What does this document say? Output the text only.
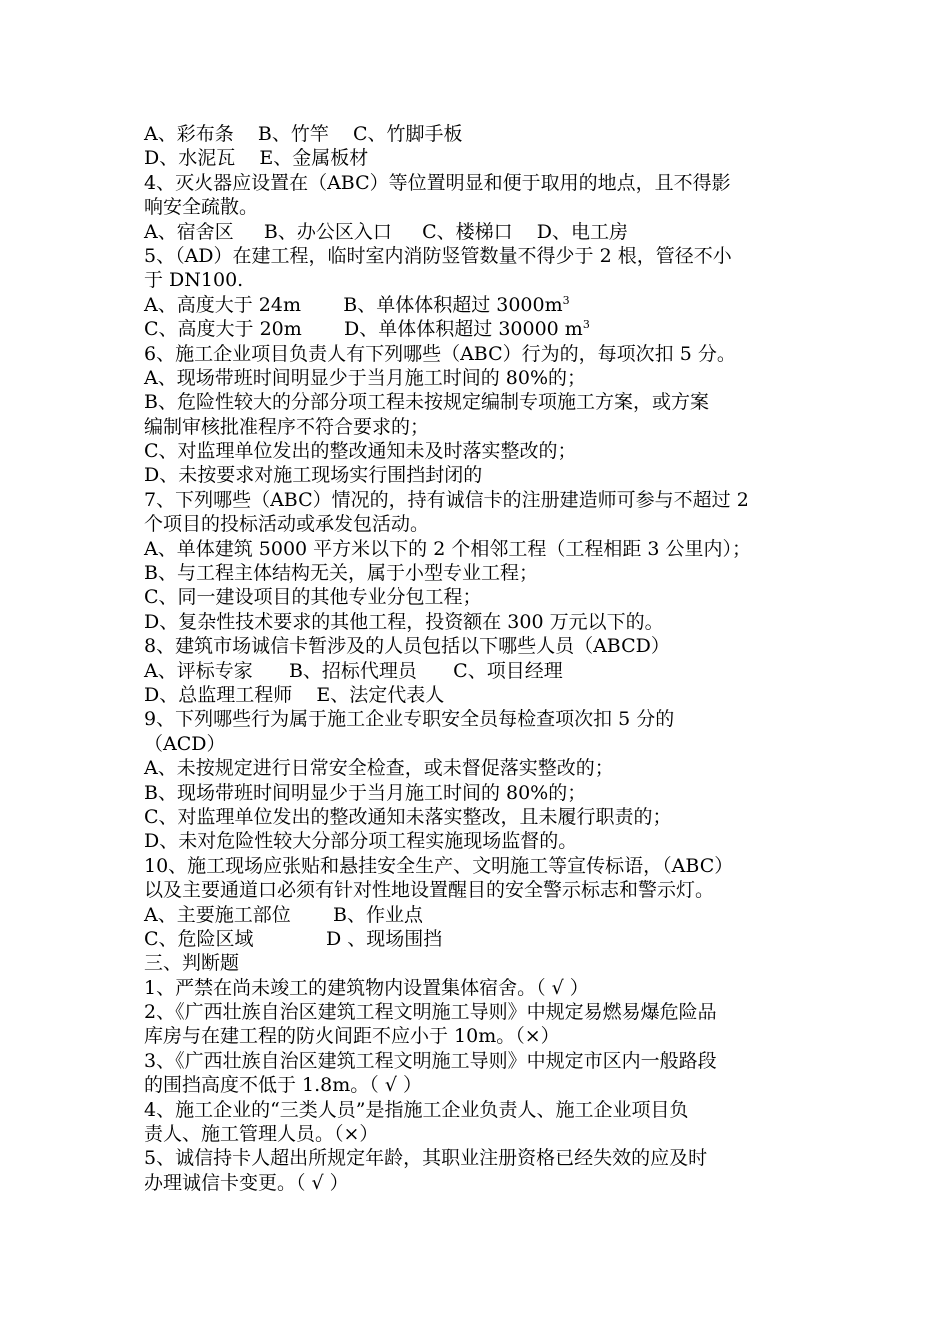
A、彩布条    B、竹竿    C、竹脚手板
D、水泥瓦    E、金属板材
4、灭火器应设置在（ABC）等位置明显和便于取用的地点，且不得影
响安全疏散。
A、宿舍区     B、办公区入口     C、楼梯口    D、电工房
5、（AD）在建工程，临时室内消防竖管数量不得少于 2 根，管径不小
于 DN100.
A、高度大于 24m       B、单体体积超过 $3000m^3$
C、高度大于 20m       D、单体体积超过 30000 $m^3$
6、施工企业项目负责人有下列哪些（ABC）行为的，每项次扣 5 分。
A、现场带班时间明显少于当月施工时间的 80%的；
B、危险性较大的分部分项工程未按规定编制专项施工方案，或方案
编制审核批准程序不符合要求的；
C、对监理单位发出的整改通知未及时落实整改的；
D、未按要求对施工现场实行围挡封闭的
7、下列哪些（ABC）情况的，持有诚信卡的注册建造师可参与不超过 2
个项目的投标活动或承发包活动。
A、单体建筑 5000 平方米以下的 2 个相邻工程（工程相距 3 公里内）；
B、与工程主体结构无关，属于小型专业工程；
C、同一建设项目的其他专业分包工程；
D、复杂性技术要求的其他工程，投资额在 300 万元以下的。
8、建筑市场诚信卡暂涉及的人员包括以下哪些人员（ABCD）
A、评标专家      B、招标代理员      C、项目经理
D、总监理工程师    E、法定代表人
9、下列哪些行为属于施工企业专职安全员每检查项次扣 5 分的
（ACD）
A、未按规定进行日常安全检查，或未督促落实整改的；
B、现场带班时间明显少于当月施工时间的 80%的；
C、对监理单位发出的整改通知未落实整改，且未履行职责的；
D、未对危险性较大分部分项工程实施现场监督的。
10、施工现场应张贴和悬挂安全生产、文明施工等宣传标语，（ABC）
以及主要通道口必须有针对性地设置醒目的安全警示标志和警示灯。
A、主要施工部位       B、作业点
C、危险区域            D 、现场围挡
三、判断题
1、严禁在尚未竣工的建筑物内设置集体宿舍。（ √ ）
2、《广西壮族自治区建筑工程文明施工导则》中规定易燃易爆危险品
库房与在建工程的防火间距不应小于 10m。（×）
3、《广西壮族自治区建筑工程文明施工导则》中规定市区内一般路段
的围挡高度不低于 1.8m。（ √ ）
4、施工企业的“三类人员”是指施工企业负责人、施工企业项目负
责人、施工管理人员。（×）
5、诚信持卡人超出所规定年龄，其职业注册资格已经失效的应及时
办理诚信卡变更。（ √ ）
